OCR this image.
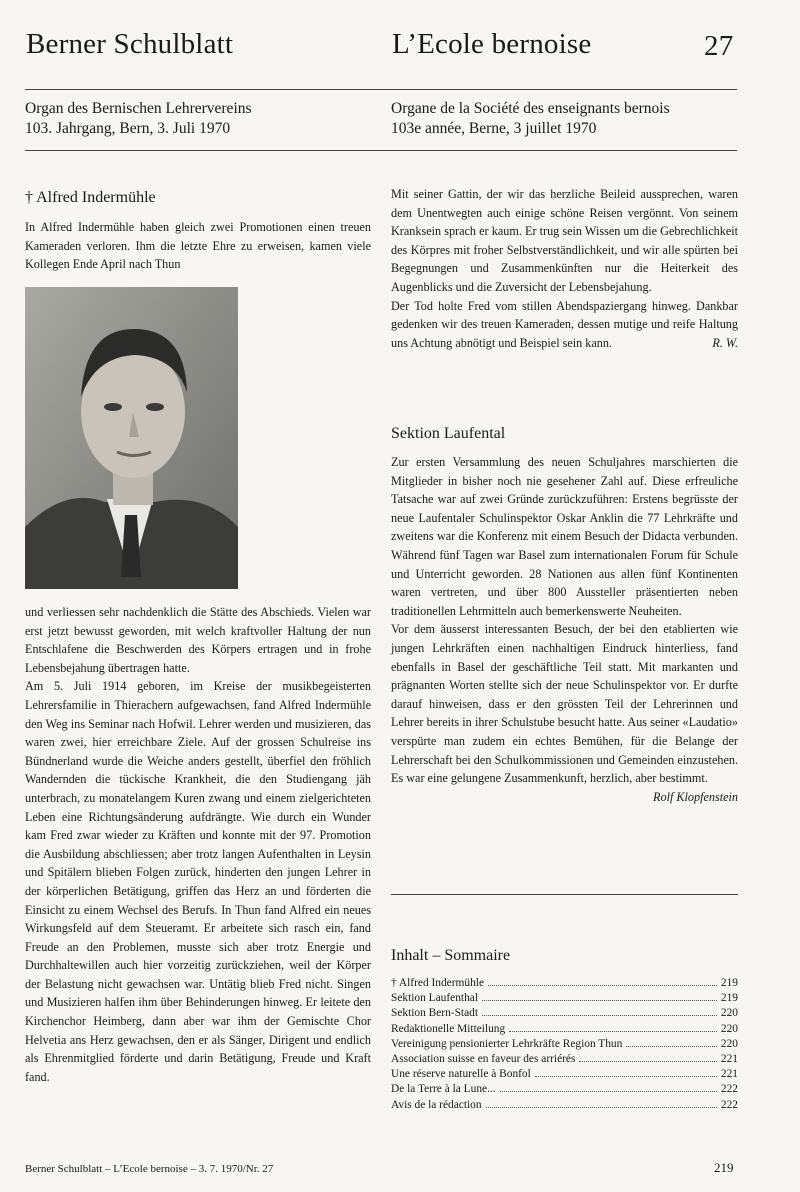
Berner Schulblatt	L’Ecole bernoise	27
Organ des Bernischen Lehrervereins
103. Jahrgang, Bern, 3. Juli 1970
Organe de la Société des enseignants bernois
103e année, Berne, 3 juillet 1970
† Alfred Indermühle

In Alfred Indermühle haben gleich zwei Promotionen einen treuen Kameraden verloren. Ihm die letzte Ehre zu erweisen, kamen viele Kollegen Ende April nach Thun

und verliessen sehr nachdenklich die Stätte des Abschieds. Vielen war erst jetzt bewusst geworden, mit welch kraftvoller Haltung der nun Entschlafene die Beschwerden des Körpers ertragen und in frohe Lebensbejahung übertragen hatte.

Am 5. Juli 1914 geboren, im Kreise der musikbegeisterten Lehrersfamilie in Thierachern aufgewachsen, fand Alfred Indermühle den Weg ins Seminar nach Hofwil. Lehrer werden und musizieren, das waren zwei, hier erreichbare Ziele. Auf der grossen Schulreise ins Bündnerland wurde die Weiche anders gestellt, überfiel den fröhlich Wandernden die tückische Krankheit, die den Studiengang jäh unterbrach, zu monatelangem Kuren zwang und einem zielgerichteten Leben eine Richtungsänderung aufdrängte. Wie durch ein Wunder kam Fred zwar wieder zu Kräften und konnte mit der 97. Promotion die Ausbildung abschliessen; aber trotz langen Aufenthalten in Leysin und Spitälern blieben Folgen zurück, hinderten den jungen Lehrer in der körperlichen Betätigung, griffen das Herz an und förderten die Einsicht zu einem Wechsel des Berufs. In Thun fand Alfred ein neues Wirkungsfeld auf dem Steueramt. Er arbeitete sich rasch ein, fand Freude an den Problemen, musste sich aber trotz Energie und Durchhaltewillen auch hier vorzeitig zurückziehen, weil der Körper der Belastung nicht gewachsen war. Untätig blieb Fred nicht. Singen und Musizieren halfen ihm über Behinderungen hinweg. Er leitete den Kirchenchor Heimberg, dann aber war ihm der Gemischte Chor Helvetia ans Herz gewachsen, den er als Sänger, Dirigent und endlich als Ehrenmitglied förderte und darin Betätigung, Freude und Kraft fand.

Mit seiner Gattin, der wir das herzliche Beileid aussprechen, waren dem Unentwegten auch einige schöne Reisen vergönnt. Von seinem Kranksein sprach er kaum. Er trug sein Wissen um die Gebrechlichkeit des Körpres mit froher Selbstverständlichkeit, und wir alle spürten bei Begegnungen und Zusammenkünften nur die Heiterkeit des Augenblicks und die Zuversicht der Lebensbejahung.

Der Tod holte Fred vom stillen Abendspaziergang hinweg. Dankbar gedenken wir des treuen Kameraden, dessen mutige und reife Haltung uns Achtung abnötigt und Beispiel sein kann.	R. W.

Sektion Laufental

Zur ersten Versammlung des neuen Schuljahres marschierten die Mitglieder in bisher noch nie gesehener Zahl auf. Diese erfreuliche Tatsache war auf zwei Gründe zurückzuführen: Erstens begrüsste der neue Laufentaler Schulinspektor Oskar Anklin die 77 Lehrkräfte und zweitens war die Konferenz mit einem Besuch der Didacta verbunden. Während fünf Tagen war Basel zum internationalen Forum für Schule und Unterricht geworden. 28 Nationen aus allen fünf Kontinenten waren vertreten, und über 800 Aussteller präsentierten neben traditionellen Lehrmitteln auch bemerkenswerte Neuheiten.

Vor dem äusserst interessanten Besuch, der bei den etablierten wie jungen Lehrkräften einen nachhaltigen Eindruck hinterliess, fand ebenfalls in Basel der geschäftliche Teil statt. Mit markanten und prägnanten Worten stellte sich der neue Schulinspektor vor. Er durfte darauf hinweisen, dass er den grössten Teil der Lehrerinnen und Lehrer bereits in ihrer Schulstube besucht hatte. Aus seiner «Laudatio» verspürte man zudem ein echtes Bemühen, für die Belange der Lehrerschaft bei den Schulkommissionen und Gemeinden einzustehen. Es war eine gelungene Zusammenkunft, herzlich, aber bestimmt.
Rolf Klopfenstein

Inhalt – Sommaire
† Alfred Indermühle	219
Sektion Laufenthal	219
Sektion Bern-Stadt	220
Redaktionelle Mitteilung	220
Vereinigung pensionierter Lehrkräfte Region Thun	220
Association suisse en faveur des arriérés	221
Une réserve naturelle à Bonfol	221
De la Terre à la Lune...	222
Avis de la rédaction	222
Berner Schulblatt – L’Ecole bernoise – 3. 7. 1970/Nr. 27	219
